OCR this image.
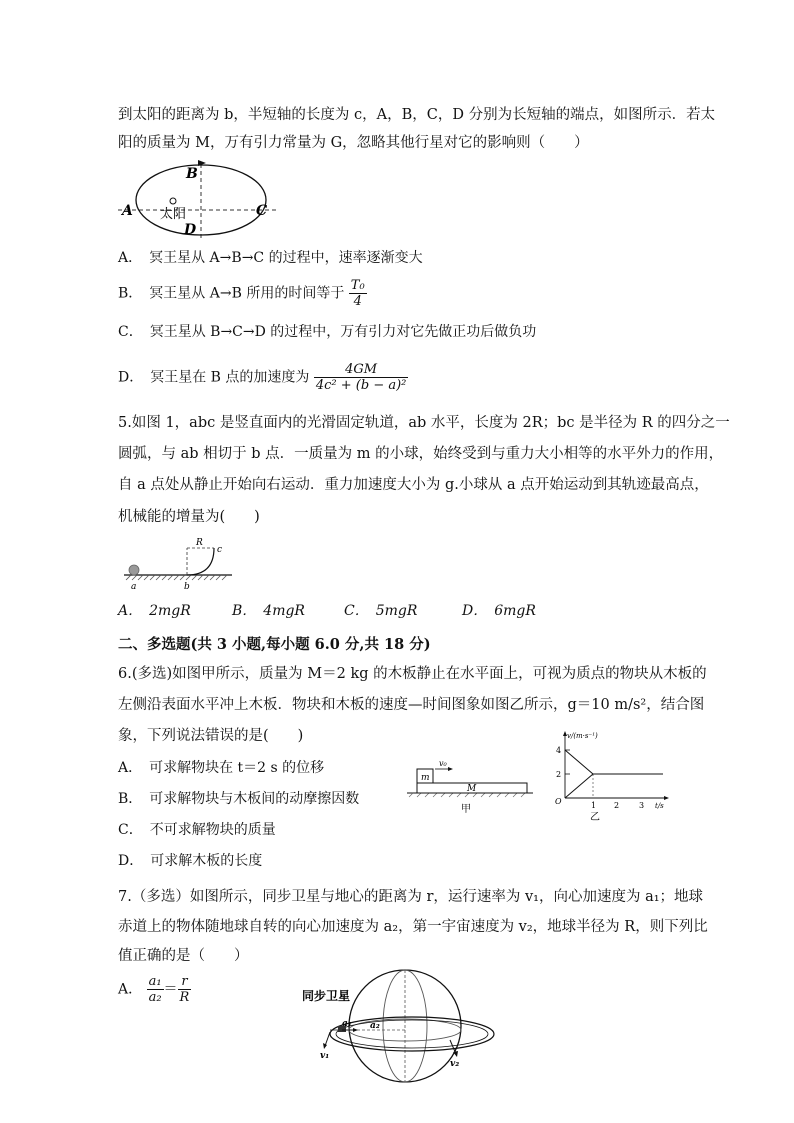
到太阳的距离为 b，半短轴的长度为 c，A，B，C，D 分别为长短轴的端点，如图所示．若太
阳的质量为 M，万有引力常量为 G，忽略其他行星对它的影响则（　　）
A
B
C
D
太阳
A．　冥王星从 A→B→C 的过程中，速率逐渐变大
B．　冥王星从 A→B 所用的时间等于 $\frac{\text{T₀}}{4}$
C．　冥王星从 B→C→D 的过程中，万有引力对它先做正功后做负功
D．　冥王星在 B 点的加速度为 $\frac{4GM}{\text{4c² + (b − a)²}}$
5.如图 1，abc 是竖直面内的光滑固定轨道，ab 水平，长度为 2R；bc 是半径为 R 的四分之一
圆弧，与 ab 相切于 b 点．一质量为 m 的小球，始终受到与重力大小相等的水平外力的作用，
自 a 点处从静止开始向右运动．重力加速度大小为 g.小球从 a 点开始运动到其轨迹最高点，
机械能的增量为(　　)
R
c
a	b
A．　2mgR	B．　4mgR	C．　5mgR	D．　6mgR
二、多选题(共 3 小题,每小题 6.0 分,共 18 分)
6.(多选)如图甲所示，质量为 M＝2 kg 的木板静止在水平面上，可视为质点的物块从木板的
左侧沿表面水平冲上木板．物块和木板的速度—时间图象如图乙所示，g＝10 m/s²，结合图
象，下列说法错误的是(　　)
A．　可求解物块在 t＝2 s 的位移
B．　可求解物块与木板间的动摩擦因数
C．　不可求解物块的质量
D．　可求解木板的长度
m
M
v₀
甲
v/(m·s⁻¹)
t/s
O
4
2
1 2 3
乙
7.（多选）如图所示，同步卫星与地心的距离为 r，运行速率为 v₁，向心加速度为 a₁；地球
赤道上的物体随地球自转的向心加速度为 a₂，第一宇宙速度为 v₂，地球半径为 R，则下列比
值正确的是（　　）
A． $\frac{\text{a₁}}{\text{a₂}} = \frac{r}{R}$	同步卫星
a₁ a₂
v₁
v₂
